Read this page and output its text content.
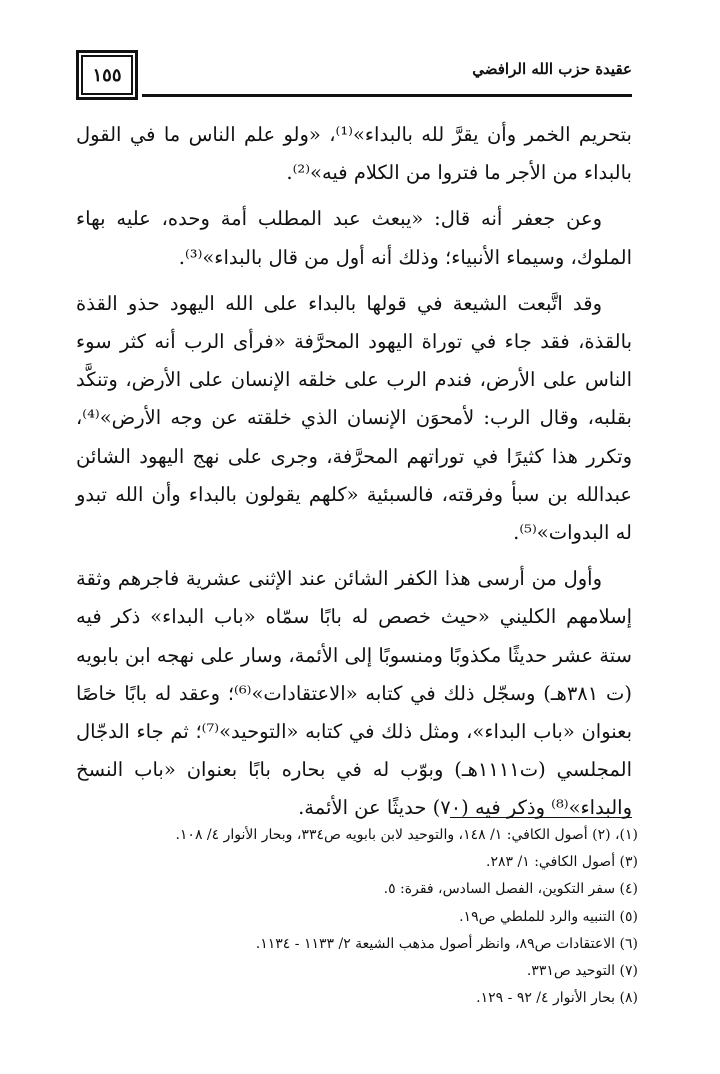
عقيدة حزب الله الرافضي
١٥٥

بتحريم الخمر وأن يقرَّ لله بالبداء»⁽¹⁾، «ولو علم الناس ما في القول بالبداء من الأجر ما فتروا من الكلام فيه»⁽²⁾.

وعن جعفر أنه قال: «يبعث عبد المطلب أمة وحده، عليه بهاء الملوك، وسيماء الأنبياء؛ وذلك أنه أول من قال بالبداء»⁽³⁾.

وقد اتَّبعت الشيعة في قولها بالبداء على الله اليهود حذو القذة بالقذة، فقد جاء في توراة اليهود المحرَّفة «فرأى الرب أنه كثر سوء الناس على الأرض، فندم الرب على خلقه الإنسان على الأرض، وتنكَّد بقلبه، وقال الرب: لأمحوَن الإنسان الذي خلقته عن وجه الأرض»⁽⁴⁾، وتكرر هذا كثيرًا في توراتهم المحرَّفة، وجرى على نهج اليهود الشائن عبدالله بن سبأ وفرقته، فالسبئية «كلهم يقولون بالبداء وأن الله تبدو له البدوات»⁽⁵⁾.

وأول من أرسى هذا الكفر الشائن عند الإثنى عشرية فاجرهم وثقة إسلامهم الكليني «حيث خصص له بابًا سمّاه «باب البداء» ذكر فيه ستة عشر حديثًا مكذوبًا ومنسوبًا إلى الأئمة، وسار على نهجه ابن بابويه (ت ٣٨١هـ) وسجّل ذلك في كتابه «الاعتقادات»⁽⁶⁾؛ وعقد له بابًا خاصًا بعنوان «باب البداء»، ومثل ذلك في كتابه «التوحيد»⁽⁷⁾؛ ثم جاء الدجّال المجلسي (ت١١١١هـ) وبوّب له في بحاره بابًا بعنوان «باب النسخ والبداء»⁽⁸⁾ وذكر فيه (٧٠) حديثًا عن الأئمة.

(١)، (٢) أصول الكافي: ١/ ١٤٨، والتوحيد لابن بابويه ص٣٣٤، وبحار الأنوار ٤/ ١٠٨.
(٣) أصول الكافي: ١/ ٢٨٣.
(٤) سفر التكوين، الفصل السادس، فقرة: ٥.
(٥) التنبيه والرد للملطي ص١٩.
(٦) الاعتقادات ص٨٩، وانظر أصول مذهب الشيعة ٢/ ١١٣٣ - ١١٣٤.
(٧) التوحيد ص٣٣١.
(٨) بحار الأنوار ٤/ ٩٢ - ١٢٩.
